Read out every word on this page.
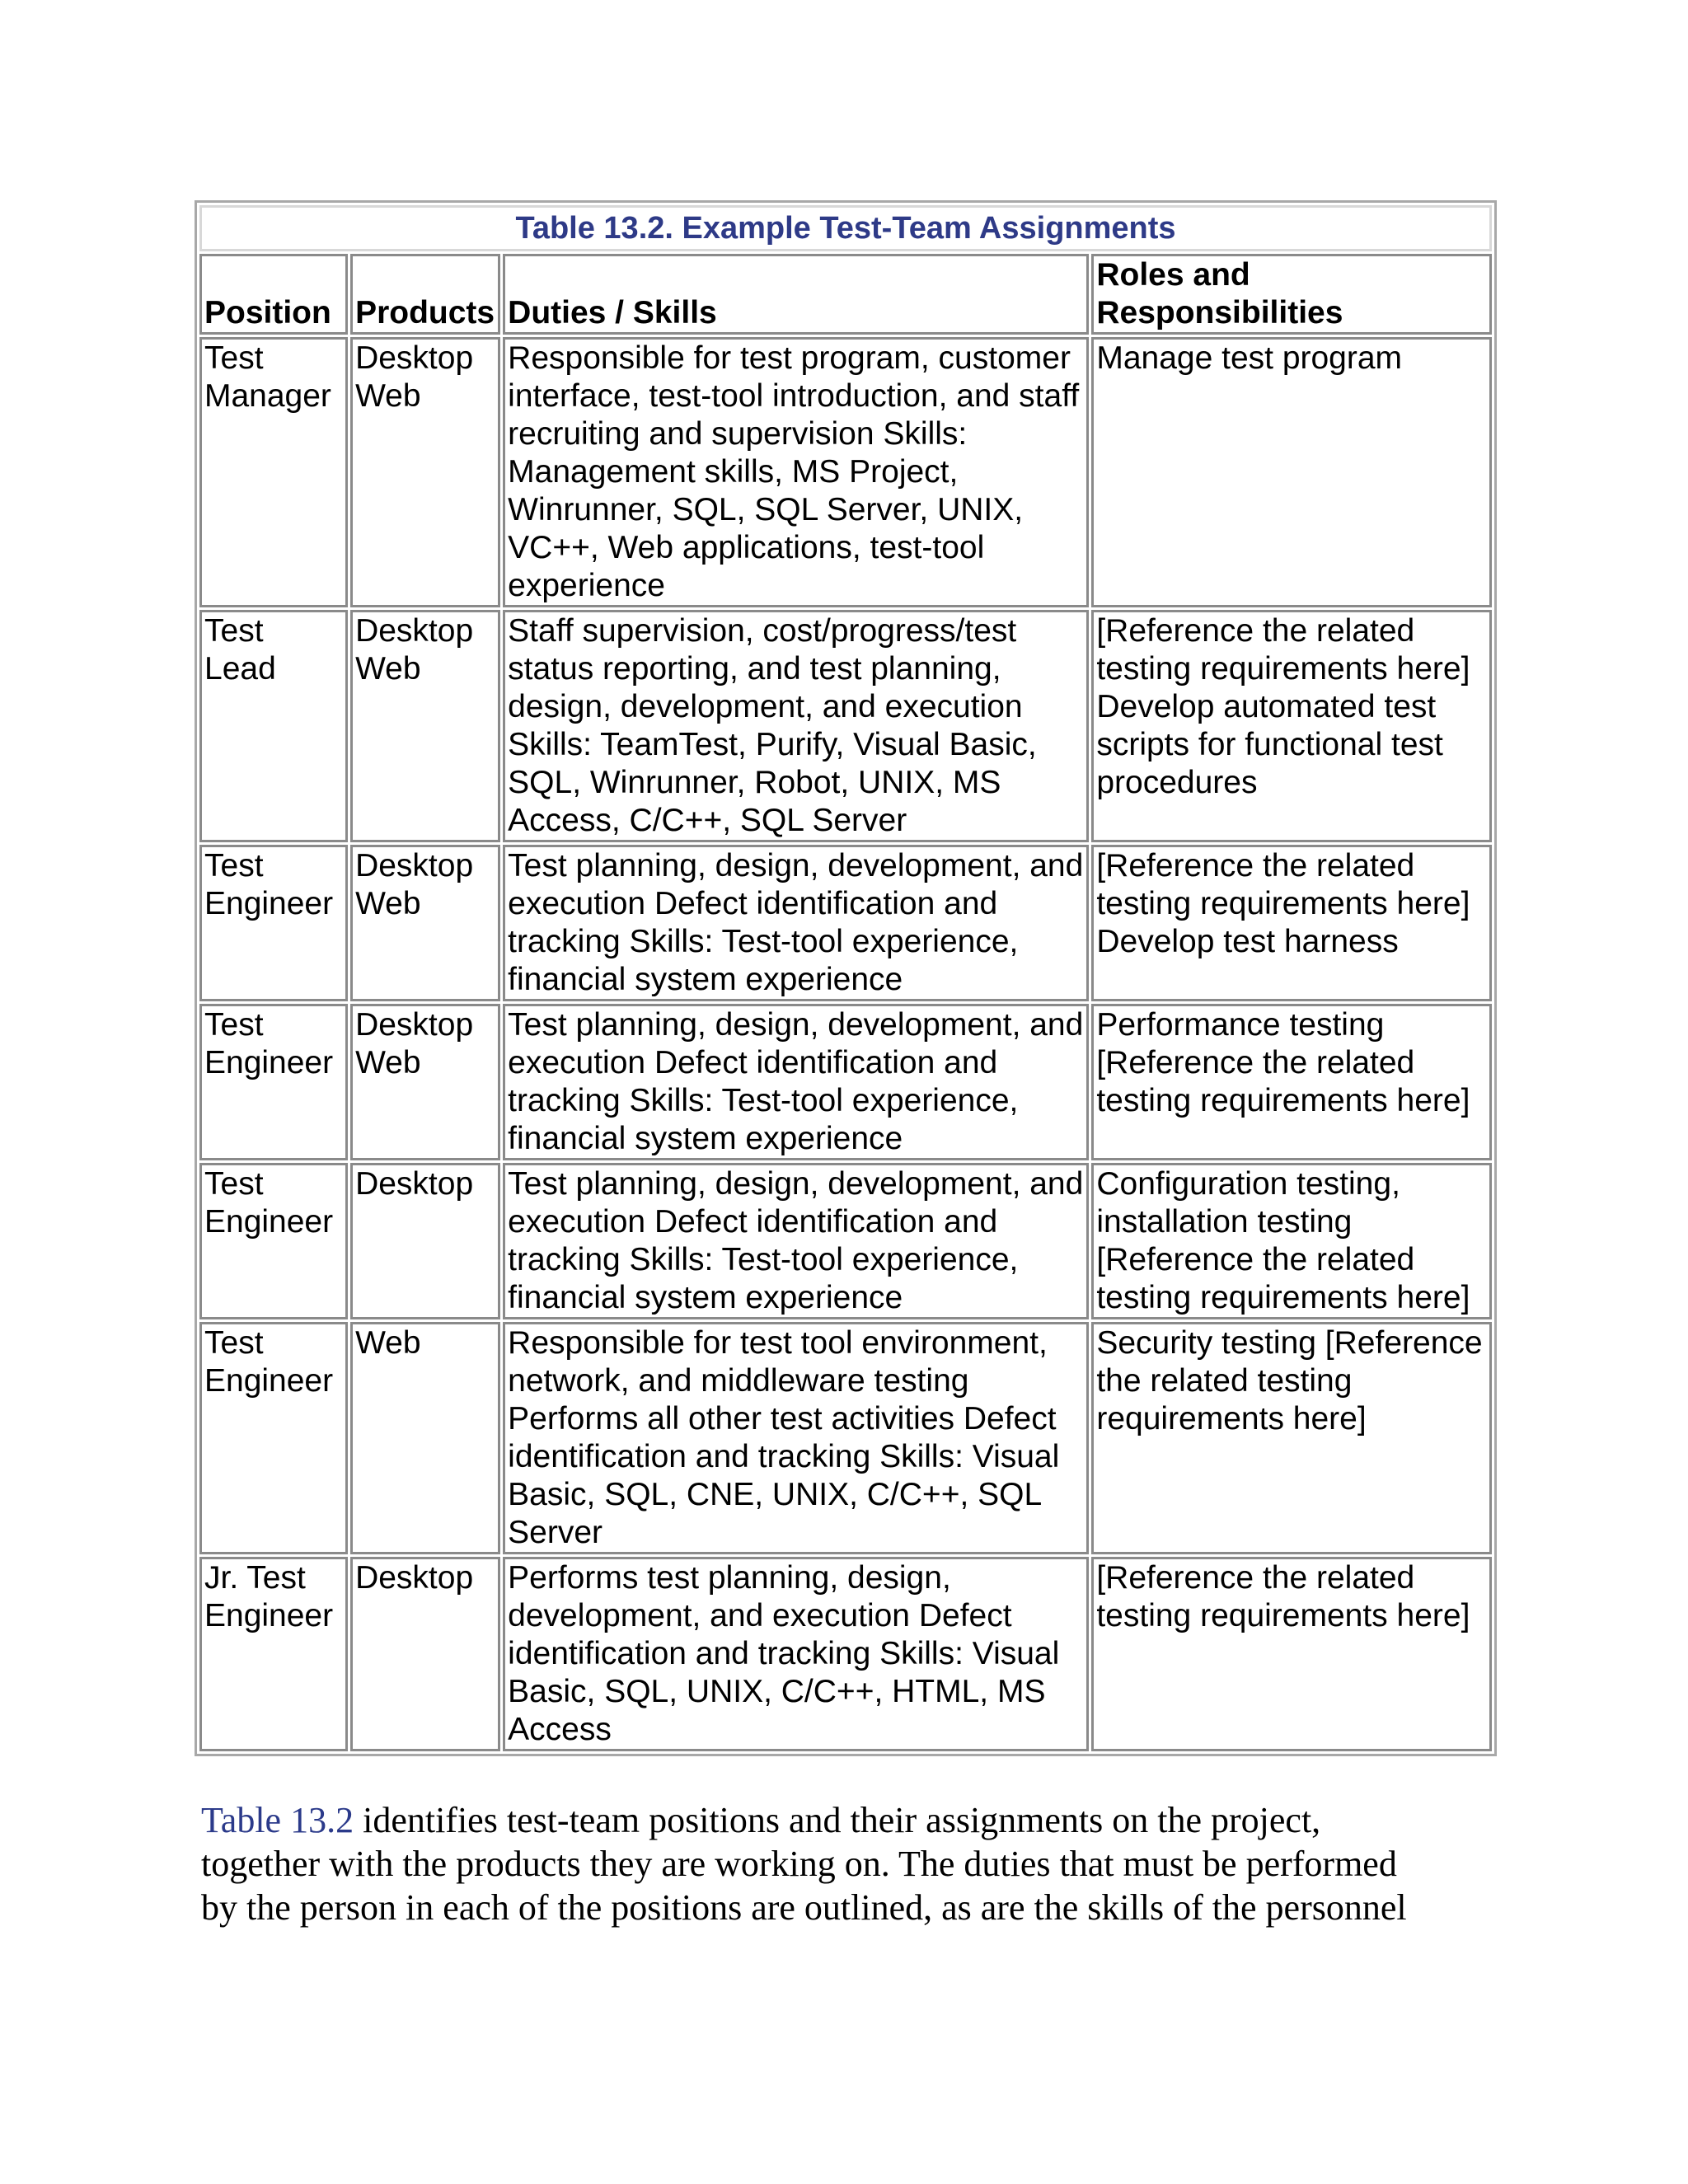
Table 13.2. Example Test-Team Assignments			
Position	Products	Duties / Skills	Roles and Responsibilities
Test Manager	Desktop Web	Responsible for test program, customer interface, test-tool introduction, and staff recruiting and supervision Skills: Management skills, MS Project, Winrunner, SQL, SQL Server, UNIX, VC++, Web applications, test-tool experience	Manage test program
Test Lead	Desktop Web	Staff supervision, cost/progress/test status reporting, and test planning, design, development, and execution Skills: TeamTest, Purify, Visual Basic, SQL, Winrunner, Robot, UNIX, MS Access, C/C++, SQL Server	[Reference the related testing requirements here] Develop automated test scripts for functional test procedures
Test Engineer	Desktop Web	Test planning, design, development, and execution Defect identification and tracking Skills: Test-tool experience, financial system experience	[Reference the related testing requirements here] Develop test harness
Test Engineer	Desktop Web	Test planning, design, development, and execution Defect identification and tracking Skills: Test-tool experience, financial system experience	Performance testing [Reference the related testing requirements here]
Test Engineer	Desktop	Test planning, design, development, and execution Defect identification and tracking Skills: Test-tool experience, financial system experience	Configuration testing, installation testing [Reference the related testing requirements here]
Test Engineer	Web	Responsible for test tool environment, network, and middleware testing Performs all other test activities Defect identification and tracking Skills: Visual Basic, SQL, CNE, UNIX, C/C++, SQL Server	Security testing [Reference the related testing requirements here]
Jr. Test Engineer	Desktop	Performs test planning, design, development, and execution Defect identification and tracking Skills: Visual Basic, SQL, UNIX, C/C++, HTML, MS Access	[Reference the related testing requirements here]
Table 13.2 identifies test-team positions and their assignments on the project,
together with the products they are working on. The duties that must be performed
by the person in each of the positions are outlined, as are the skills of the personnel
